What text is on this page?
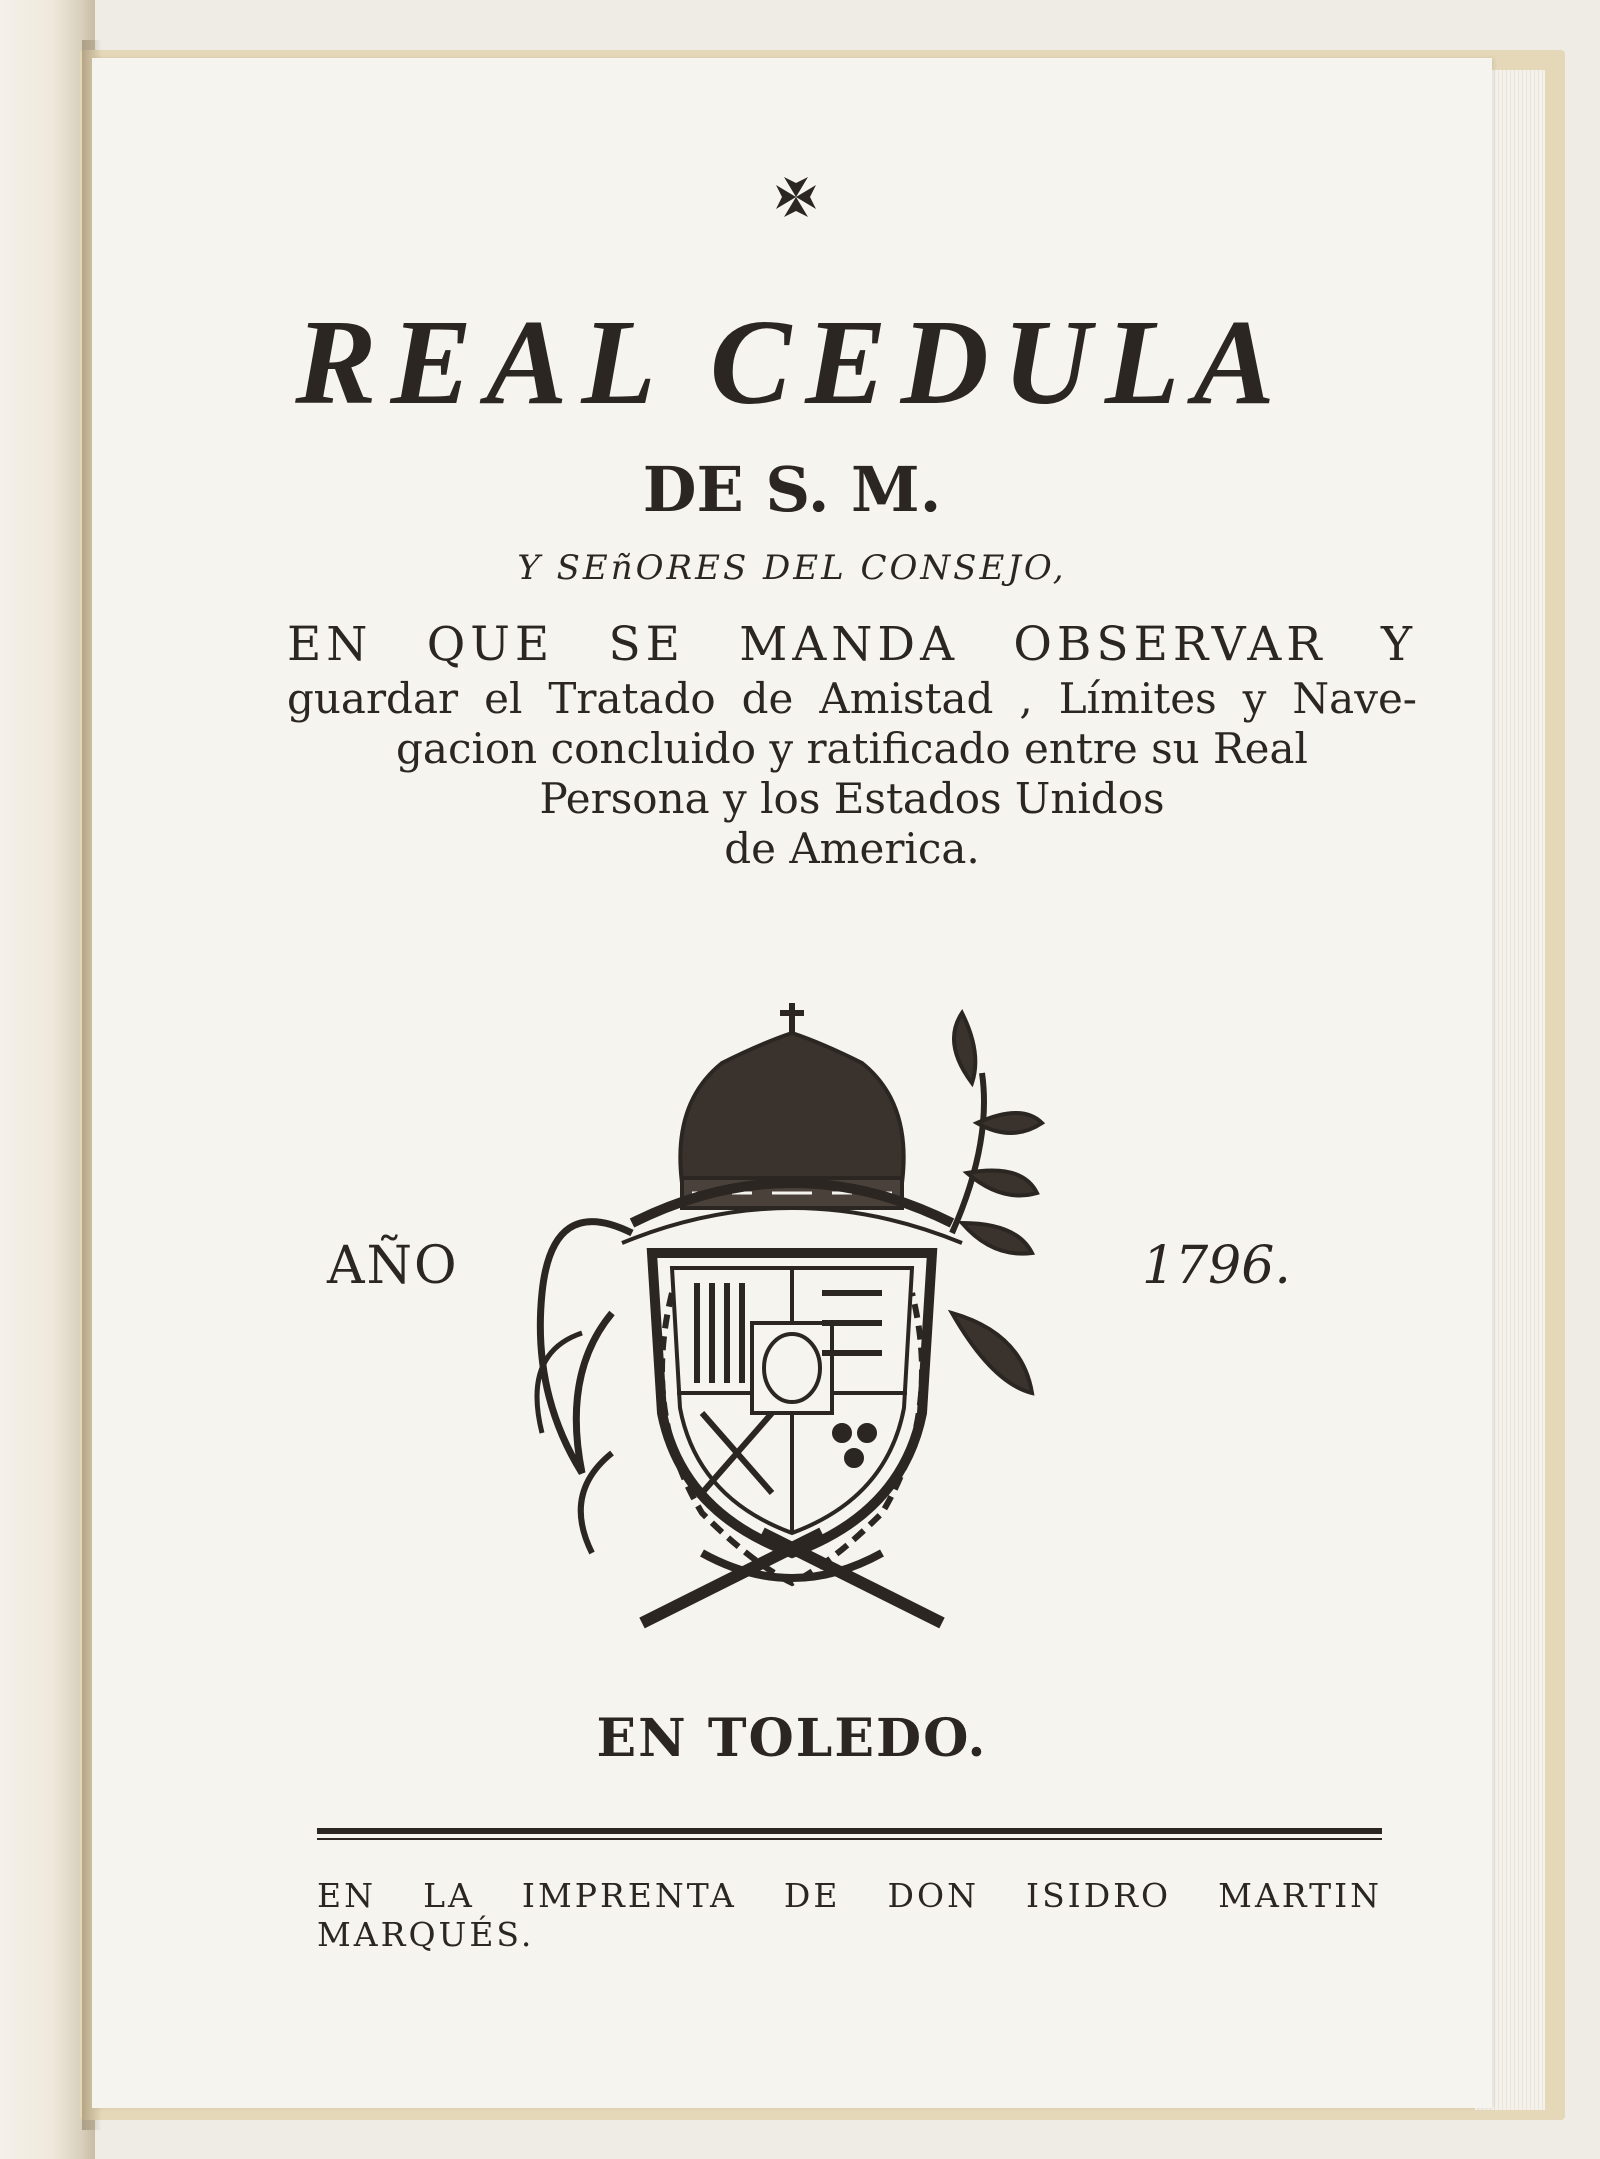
REAL CEDULA
DE S. M.
Y SEñORES DEL CONSEJO,
EN QUE SE MANDA OBSERVAR Y
guardar el Tratado de Amistad , Límites y Nave-
gacion concluido y ratificado entre su Real
Persona y los Estados Unidos
de America.
AÑO	1796.
EN TOLEDO.
EN LA IMPRENTA DE DON ISIDRO MARTIN MARQUÉS.
